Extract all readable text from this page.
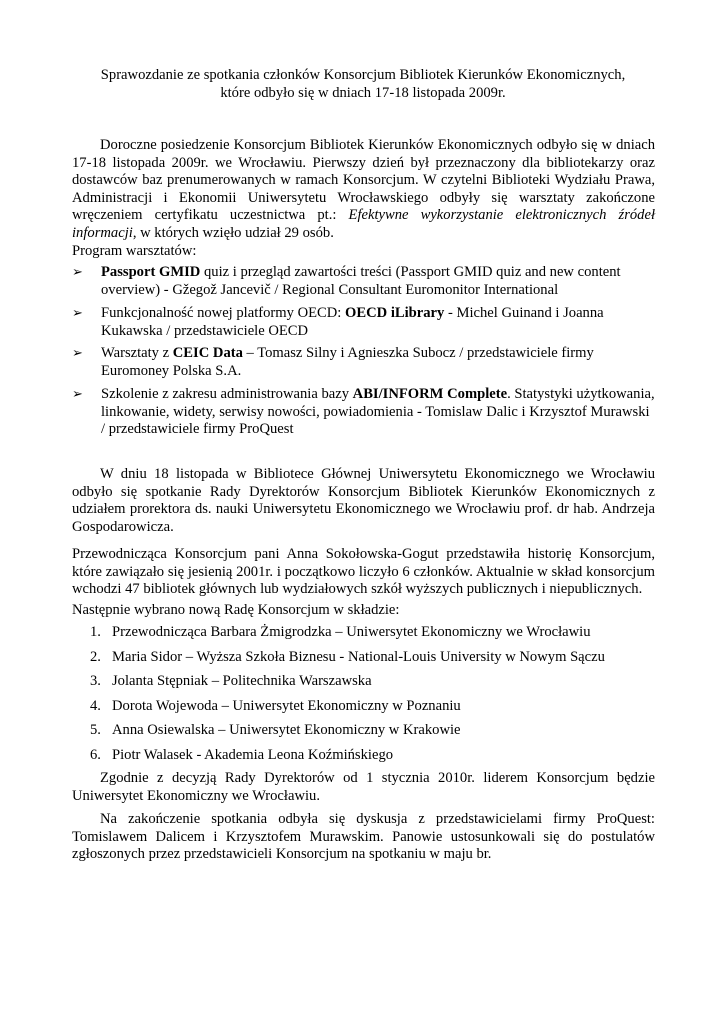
Sprawozdanie ze spotkania członków Konsorcjum Bibliotek Kierunków Ekonomicznych,
które odbyło się w dniach 17-18 listopada 2009r.
Doroczne posiedzenie Konsorcjum Bibliotek Kierunków Ekonomicznych odbyło się w dniach 17-18 listopada 2009r. we Wrocławiu. Pierwszy dzień był przeznaczony dla bibliotekarzy oraz dostawców baz prenumerowanych w ramach Konsorcjum. W czytelni Biblioteki Wydziału Prawa, Administracji i Ekonomii Uniwersytetu Wrocławskiego odbyły się warsztaty zakończone wręczeniem certyfikatu uczestnictwa pt.: Efektywne wykorzystanie elektronicznych źródeł informacji, w których wzięło udział 29 osób.
Program warsztatów:
➢ Passport GMID quiz i przegląd zawartości treści (Passport GMID quiz and new content overview) - Gžegož Jancevič / Regional Consultant Euromonitor International
➢ Funkcjonalność nowej platformy OECD: OECD iLibrary - Michel Guinand i Joanna Kukawska / przedstawiciele OECD
➢ Warsztaty z CEIC Data – Tomasz Silny i Agnieszka Subocz / przedstawiciele firmy Euromoney Polska S.A.
➢ Szkolenie z zakresu administrowania bazy ABI/INFORM Complete. Statystyki użytkowania, linkowanie, widety, serwisy nowości, powiadomienia - Tomislaw Dalic i Krzysztof Murawski / przedstawiciele firmy ProQuest
W dniu 18 listopada w Bibliotece Głównej Uniwersytetu Ekonomicznego we Wrocławiu odbyło się spotkanie Rady Dyrektorów Konsorcjum Bibliotek Kierunków Ekonomicznych z udziałem prorektora ds. nauki Uniwersytetu Ekonomicznego we Wrocławiu prof. dr hab. Andrzeja Gospodarowicza.
Przewodnicząca Konsorcjum pani Anna Sokołowska-Gogut przedstawiła historię Konsorcjum, które zawiązało się jesienią 2001r. i początkowo liczyło 6 członków. Aktualnie w skład konsorcjum wchodzi 47 bibliotek głównych lub wydziałowych szkół wyższych publicznych i niepublicznych.
Następnie wybrano nową Radę Konsorcjum w składzie:
1. Przewodnicząca Barbara Żmigrodzka – Uniwersytet Ekonomiczny we Wrocławiu
2. Maria Sidor – Wyższa Szkoła Biznesu - National-Louis University w Nowym Sączu
3. Jolanta Stępniak – Politechnika Warszawska
4. Dorota Wojewoda – Uniwersytet Ekonomiczny w Poznaniu
5. Anna Osiewalska – Uniwersytet Ekonomiczny w Krakowie
6. Piotr Walasek - Akademia Leona Koźmińskiego
Zgodnie z decyzją Rady Dyrektorów od 1 stycznia 2010r. liderem Konsorcjum będzie Uniwersytet Ekonomiczny we Wrocławiu.
Na zakończenie spotkania odbyła się dyskusja z przedstawicielami firmy ProQuest: Tomislawem Dalicem i Krzysztofem Murawskim. Panowie ustosunkowali się do postulatów zgłoszonych przez przedstawicieli Konsorcjum na spotkaniu w maju br.
